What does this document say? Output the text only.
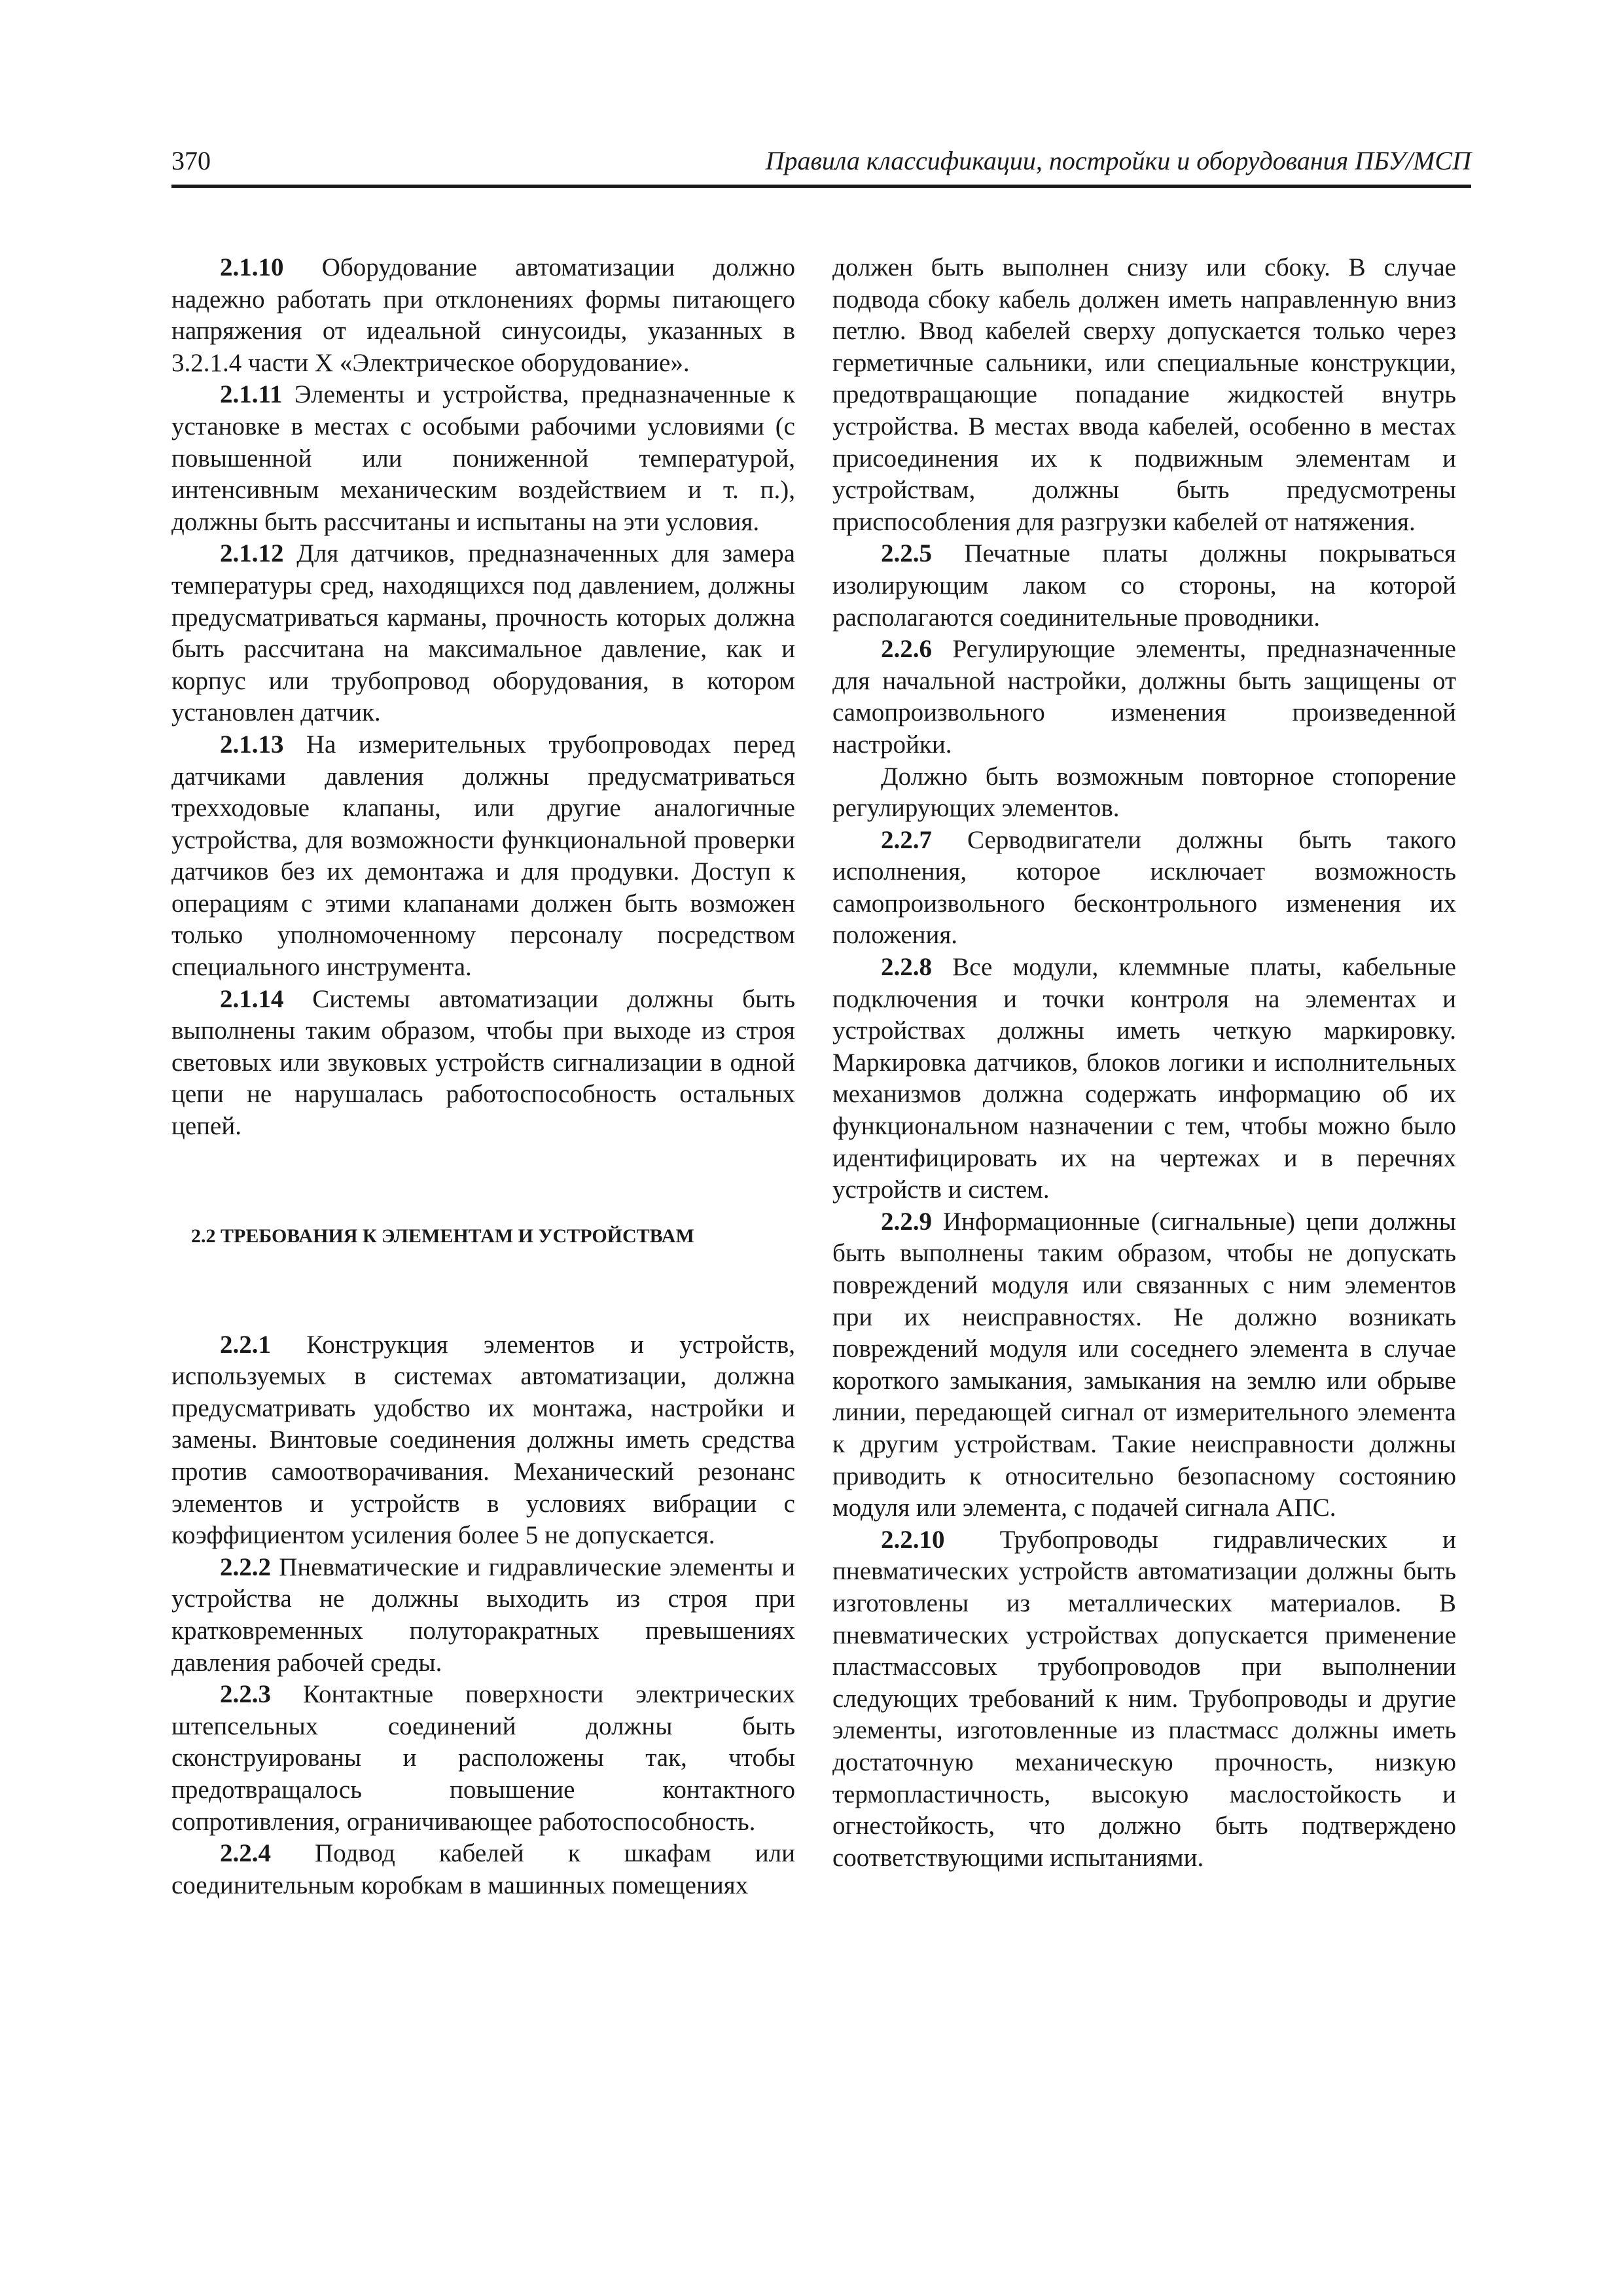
370	Правила классификации, постройки и оборудования ПБУ/МСП

2.1.10 Оборудование автоматизации должно надежно работать при отклонениях формы питающего напряжения от идеальной синусоиды, указанных в 3.2.1.4 части X «Электрическое оборудование».

2.1.11 Элементы и устройства, предназначенные к установке в местах с особыми рабочими условиями (с повышенной или пониженной температурой, интенсивным механическим воздействием и т. п.), должны быть рассчитаны и испытаны на эти условия.

2.1.12 Для датчиков, предназначенных для замера температуры сред, находящихся под давлением, должны предусматриваться карманы, прочность которых должна быть рассчитана на максимальное давление, как и корпус или трубопровод оборудования, в котором установлен датчик.

2.1.13 На измерительных трубопроводах перед датчиками давления должны предусматриваться трехходовые клапаны, или другие аналогичные устройства, для возможности функциональной проверки датчиков без их демонтажа и для продувки. Доступ к операциям с этими клапанами должен быть возможен только уполномоченному персоналу посредством специального инструмента.

2.1.14 Системы автоматизации должны быть выполнены таким образом, чтобы при выходе из строя световых или звуковых устройств сигнализации в одной цепи не нарушалась работоспособность остальных цепей.

2.2 ТРЕБОВАНИЯ К ЭЛЕМЕНТАМ И УСТРОЙСТВАМ

2.2.1 Конструкция элементов и устройств, используемых в системах автоматизации, должна предусматривать удобство их монтажа, настройки и замены. Винтовые соединения должны иметь средства против самоотворачивания. Механический резонанс элементов и устройств в условиях вибрации с коэффициентом усиления более 5 не допускается.

2.2.2 Пневматические и гидравлические элементы и устройства не должны выходить из строя при кратковременных полуторакратных превышениях давления рабочей среды.

2.2.3 Контактные поверхности электрических штепсельных соединений должны быть сконструированы и расположены так, чтобы предотвращалось повышение контактного сопротивления, ограничивающее работоспособность.

2.2.4 Подвод кабелей к шкафам или соединительным коробкам в машинных помещениях

должен быть выполнен снизу или сбоку. В случае подвода сбоку кабель должен иметь направленную вниз петлю. Ввод кабелей сверху допускается только через герметичные сальники, или специальные конструкции, предотвращающие попадание жидкостей внутрь устройства. В местах ввода кабелей, особенно в местах присоединения их к подвижным элементам и устройствам, должны быть предусмотрены приспособления для разгрузки кабелей от натяжения.

2.2.5 Печатные платы должны покрываться изолирующим лаком со стороны, на которой располагаются соединительные проводники.

2.2.6 Регулирующие элементы, предназначенные для начальной настройки, должны быть защищены от самопроизвольного изменения произведенной настройки.

Должно быть возможным повторное стопорение регулирующих элементов.

2.2.7 Серводвигатели должны быть такого исполнения, которое исключает возможность самопроизвольного бесконтрольного изменения их положения.

2.2.8 Все модули, клеммные платы, кабельные подключения и точки контроля на элементах и устройствах должны иметь четкую маркировку. Маркировка датчиков, блоков логики и исполнительных механизмов должна содержать информацию об их функциональном назначении с тем, чтобы можно было идентифицировать их на чертежах и в перечнях устройств и систем.

2.2.9 Информационные (сигнальные) цепи должны быть выполнены таким образом, чтобы не допускать повреждений модуля или связанных с ним элементов при их неисправностях. Не должно возникать повреждений модуля или соседнего элемента в случае короткого замыкания, замыкания на землю или обрыве линии, передающей сигнал от измерительного элемента к другим устройствам. Такие неисправности должны приводить к относительно безопасному состоянию модуля или элемента, с подачей сигнала АПС.

2.2.10 Трубопроводы гидравлических и пневматических устройств автоматизации должны быть изготовлены из металлических материалов. В пневматических устройствах допускается применение пластмассовых трубопроводов при выполнении следующих требований к ним. Трубопроводы и другие элементы, изготовленные из пластмасс должны иметь достаточную механическую прочность, низкую термопластичность, высокую маслостойкость и огнестойкость, что должно быть подтверждено соответствующими испытаниями.
